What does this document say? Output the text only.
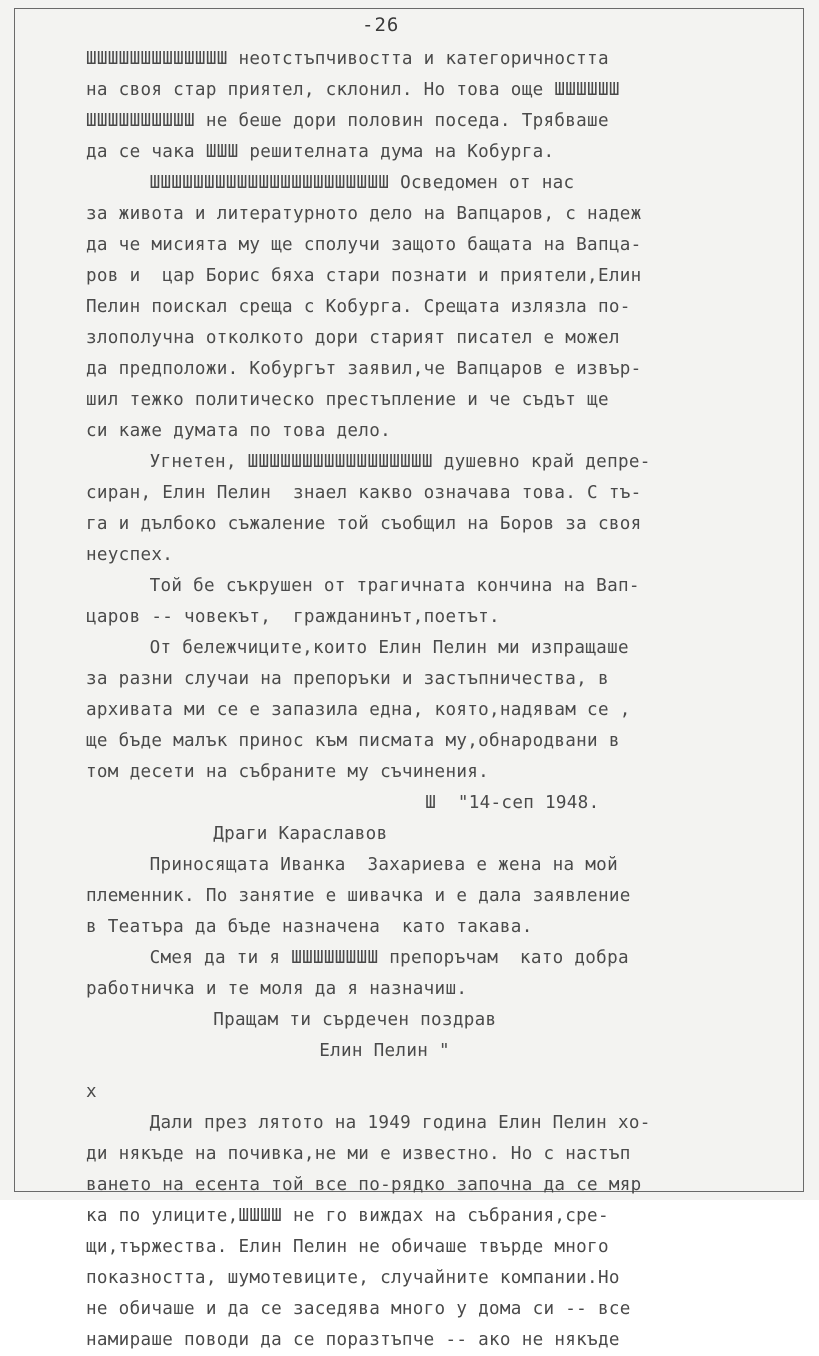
-26
ШШШШШШШШШШШШШ неотстъпчивостта и категоричността
на своя стар приятел, склонил. Но това още ШШШШШШ
ШШШШШШШШШШ не беше дори половин поседа. Трябваше
да се чака ШШШ решителната дума на Кобурга.
ШШШШШШШШШШШШШШШШШШШШШШ Осведомен от нас
за живота и литературното дело на Вапцаров, с надеж
да че мисията му ще сполучи защото бащата на Вапца-
ров и  цар Борис бяха стари познати и приятели,Елин
Пелин поискал среща с Кобурга. Срещата излязла по-
злополучна отколкото дори старият писател е можел
да предположи. Кобургът заявил,че Вапцаров е извър-
шил тежко политическо престъпление и че съдът ще
си каже думата по това дело.
Угнетен, ШШШШШШШШШШШШШШШШШ душевно край депре-
сиран, Елин Пелин  знаел какво означава това. С тъ-
га и дълбоко съжаление той съобщил на Боров за своя
неуспех.
Той бе съкрушен от трагичната кончина на Вап-
царов -- човекът,  гражданинът,поетът.
От бележчиците,които Елин Пелин ми изпращаше
за разни случаи на препоръки и застъпничества, в
архивата ми се е запазила една, която,надявам се ,
ще бъде малък принос към писмата му,обнародвани в
том десети на събраните му съчинения.
Ш  "14-сеп 1948.
Драги Караславов
Приносящата Иванка  Захариева е жена на мой
племенник. По занятие е шивачка и е дала заявление
в Театъра да бъде назначена  като такава.
Смея да ти я ШШШШШШШШ препоръчам  като добра
работничка и те моля да я назначиш.
Пращам ти сърдечен поздрав
Елин Пелин "
х
Дали през лятото на 1949 година Елин Пелин хо-
ди някъде на почивка,не ми е известно. Но с настъп
ването на есента той все по-рядко започна да се мяр
ка по улиците,ШШШШ не го виждах на събрания,сре-
щи,тържества. Елин Пелин не обичаше твърде много
показността, шумотевиците, случайните компании.Но
не обичаше и да се заседява много у дома си -- все
намираше поводи да се поразтъпче -- ако не някъде
